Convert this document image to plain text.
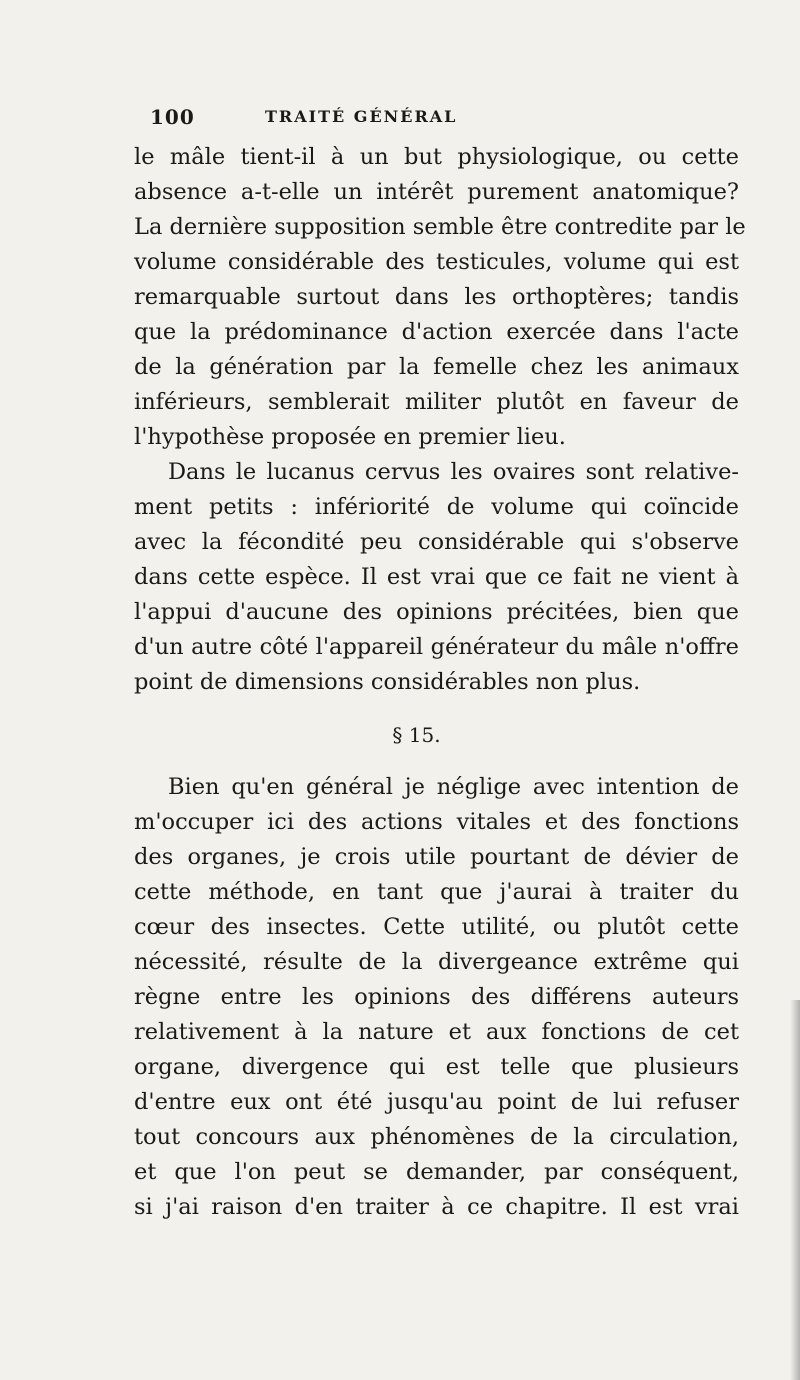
100	TRAITÉ GÉNÉRAL
le mâle tient-il à un but physiologique, ou cette
absence a-t-elle un intérêt purement anatomique?
La dernière supposition semble être contredite par le
volume considérable des testicules, volume qui est
remarquable surtout dans les orthoptères; tandis
que la prédominance d'action exercée dans l'acte
de la génération par la femelle chez les animaux
inférieurs, semblerait militer plutôt en faveur de
l'hypothèse proposée en premier lieu.
Dans le lucanus cervus les ovaires sont relative-
ment petits : infériorité de volume qui coïncide
avec la fécondité peu considérable qui s'observe
dans cette espèce. Il est vrai que ce fait ne vient à
l'appui d'aucune des opinions précitées, bien que
d'un autre côté l'appareil générateur du mâle n'offre
point de dimensions considérables non plus.
§ 15.
Bien qu'en général je néglige avec intention de
m'occuper ici des actions vitales et des fonctions
des organes, je crois utile pourtant de dévier de
cette méthode, en tant que j'aurai à traiter du
cœur des insectes. Cette utilité, ou plutôt cette
nécessité, résulte de la divergeance extrême qui
règne entre les opinions des différens auteurs
relativement à la nature et aux fonctions de cet
organe, divergence qui est telle que plusieurs
d'entre eux ont été jusqu'au point de lui refuser
tout concours aux phénomènes de la circulation,
et que l'on peut se demander, par conséquent,
si j'ai raison d'en traiter à ce chapitre. Il est vrai
